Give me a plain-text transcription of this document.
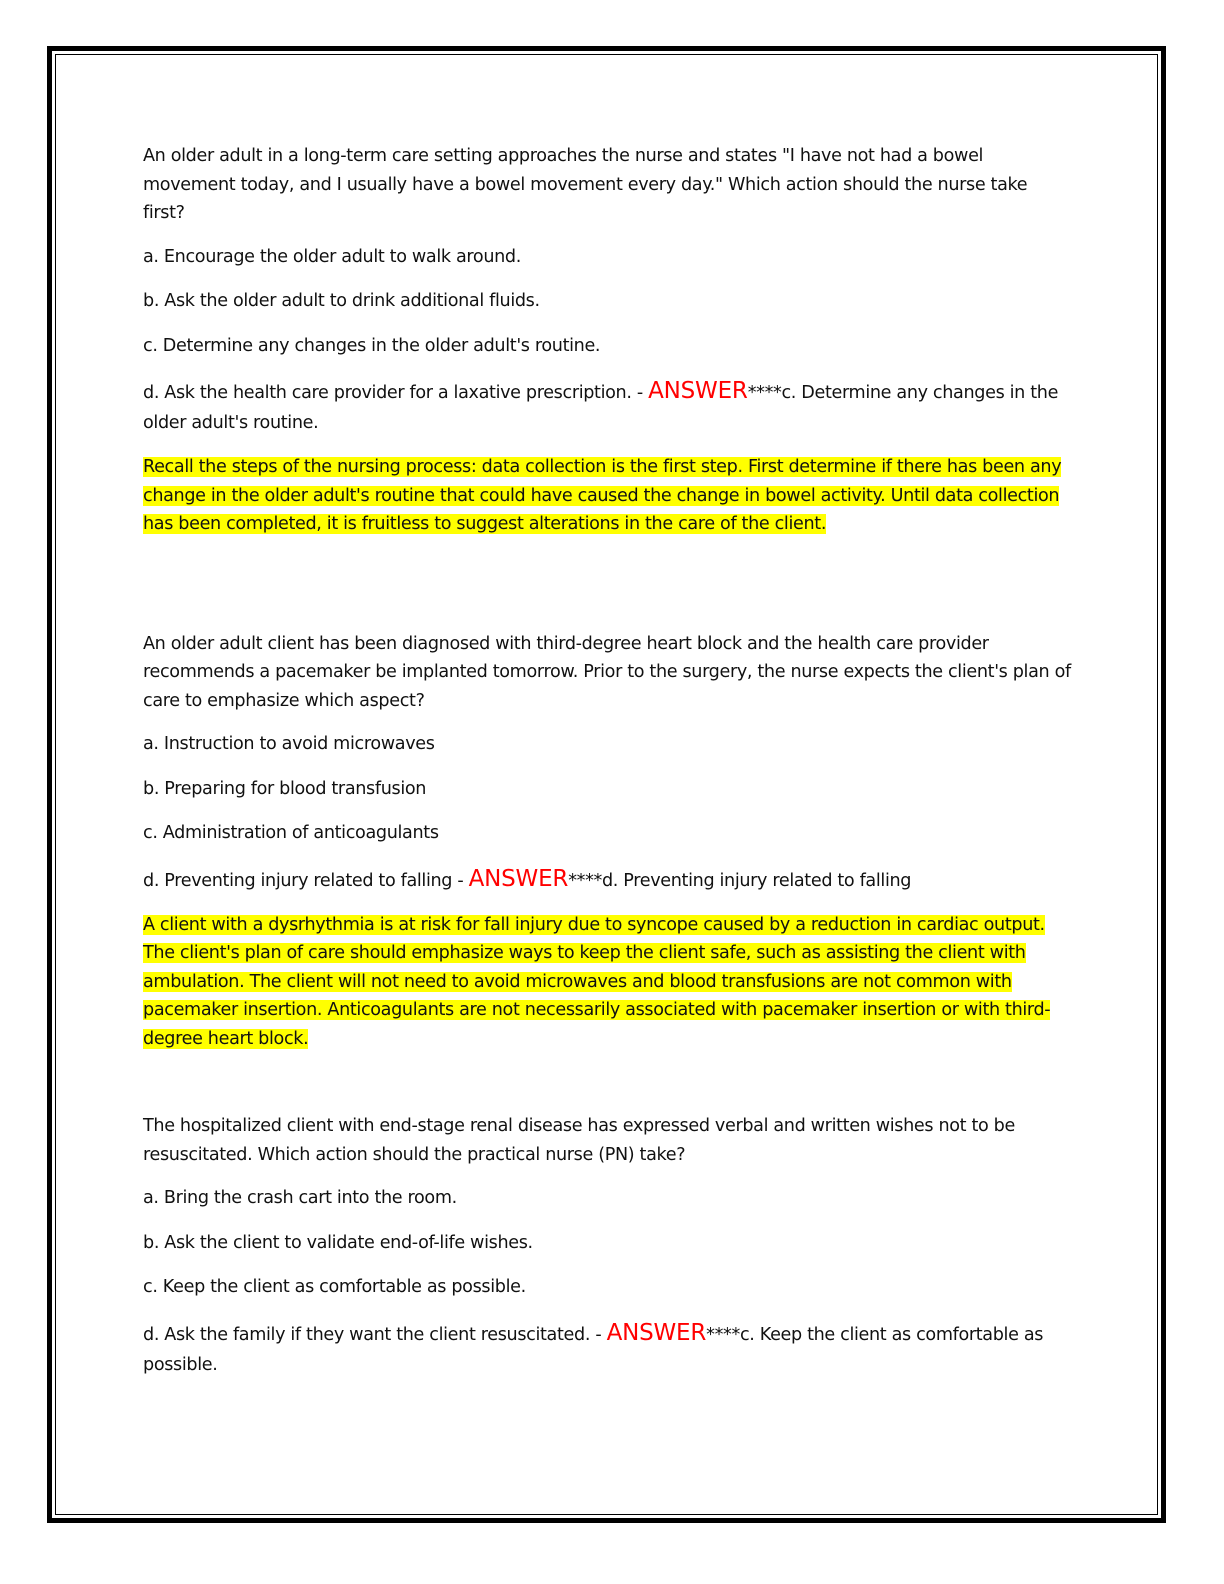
An older adult in a long-term care setting approaches the nurse and states "I have not had a bowel movement today, and I usually have a bowel movement every day." Which action should the nurse take first?

a. Encourage the older adult to walk around.

b. Ask the older adult to drink additional fluids.

c. Determine any changes in the older adult's routine.

d. Ask the health care provider for a laxative prescription. - ANSWER****c. Determine any changes in the older adult's routine.

Recall the steps of the nursing process: data collection is the first step. First determine if there has been any change in the older adult's routine that could have caused the change in bowel activity. Until data collection has been completed, it is fruitless to suggest alterations in the care of the client.

An older adult client has been diagnosed with third-degree heart block and the health care provider recommends a pacemaker be implanted tomorrow. Prior to the surgery, the nurse expects the client's plan of care to emphasize which aspect?

a. Instruction to avoid microwaves

b. Preparing for blood transfusion

c. Administration of anticoagulants

d. Preventing injury related to falling - ANSWER****d. Preventing injury related to falling

A client with a dysrhythmia is at risk for fall injury due to syncope caused by a reduction in cardiac output. The client's plan of care should emphasize ways to keep the client safe, such as assisting the client with ambulation. The client will not need to avoid microwaves and blood transfusions are not common with pacemaker insertion. Anticoagulants are not necessarily associated with pacemaker insertion or with third-degree heart block.

The hospitalized client with end-stage renal disease has expressed verbal and written wishes not to be resuscitated. Which action should the practical nurse (PN) take?

a. Bring the crash cart into the room.

b. Ask the client to validate end-of-life wishes.

c. Keep the client as comfortable as possible.

d. Ask the family if they want the client resuscitated. - ANSWER****c. Keep the client as comfortable as possible.
